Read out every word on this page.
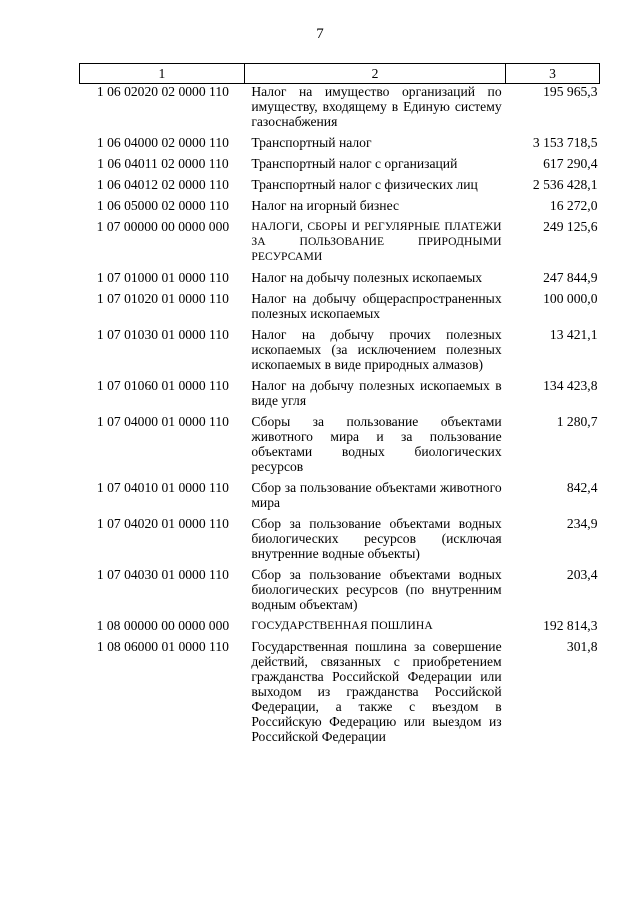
7
1	2	3
1 06 02020 02 0000 110	Налог на имущество организаций по имуществу, входящему в Единую систему газоснабжения	195 965,3
1 06 04000 02 0000 110	Транспортный налог	3 153 718,5
1 06 04011 02 0000 110	Транспортный налог с организаций	617 290,4
1 06 04012 02 0000 110	Транспортный налог с физических лиц	2 536 428,1
1 06 05000 02 0000 110	Налог на игорный бизнес	16 272,0
1 07 00000 00 0000 000	НАЛОГИ, СБОРЫ И РЕГУЛЯРНЫЕ ПЛАТЕЖИ ЗА ПОЛЬЗОВАНИЕ ПРИРОДНЫМИ РЕСУРСАМИ	249 125,6
1 07 01000 01 0000 110	Налог на добычу полезных ископаемых	247 844,9
1 07 01020 01 0000 110	Налог на добычу общераспространенных полезных ископаемых	100 000,0
1 07 01030 01 0000 110	Налог на добычу прочих полезных ископаемых (за исключением полезных ископаемых в виде природных алмазов)	13 421,1
1 07 01060 01 0000 110	Налог на добычу полезных ископаемых в виде угля	134 423,8
1 07 04000 01 0000 110	Сборы за пользование объектами животного мира и за пользование объектами водных биологических ресурсов	1 280,7
1 07 04010 01 0000 110	Сбор за пользование объектами животного мира	842,4
1 07 04020 01 0000 110	Сбор за пользование объектами водных биологических ресурсов (исключая внутренние водные объекты)	234,9
1 07 04030 01 0000 110	Сбор за пользование объектами водных биологических ресурсов (по внутренним водным объектам)	203,4
1 08 00000 00 0000 000	ГОСУДАРСТВЕННАЯ ПОШЛИНА	192 814,3
1 08 06000 01 0000 110	Государственная пошлина за совершение действий, связанных с приобретением гражданства Российской Федерации или выходом из гражданства Российской Федерации, а также с въездом в Российскую Федерацию или выездом из Российской Федерации	301,8
